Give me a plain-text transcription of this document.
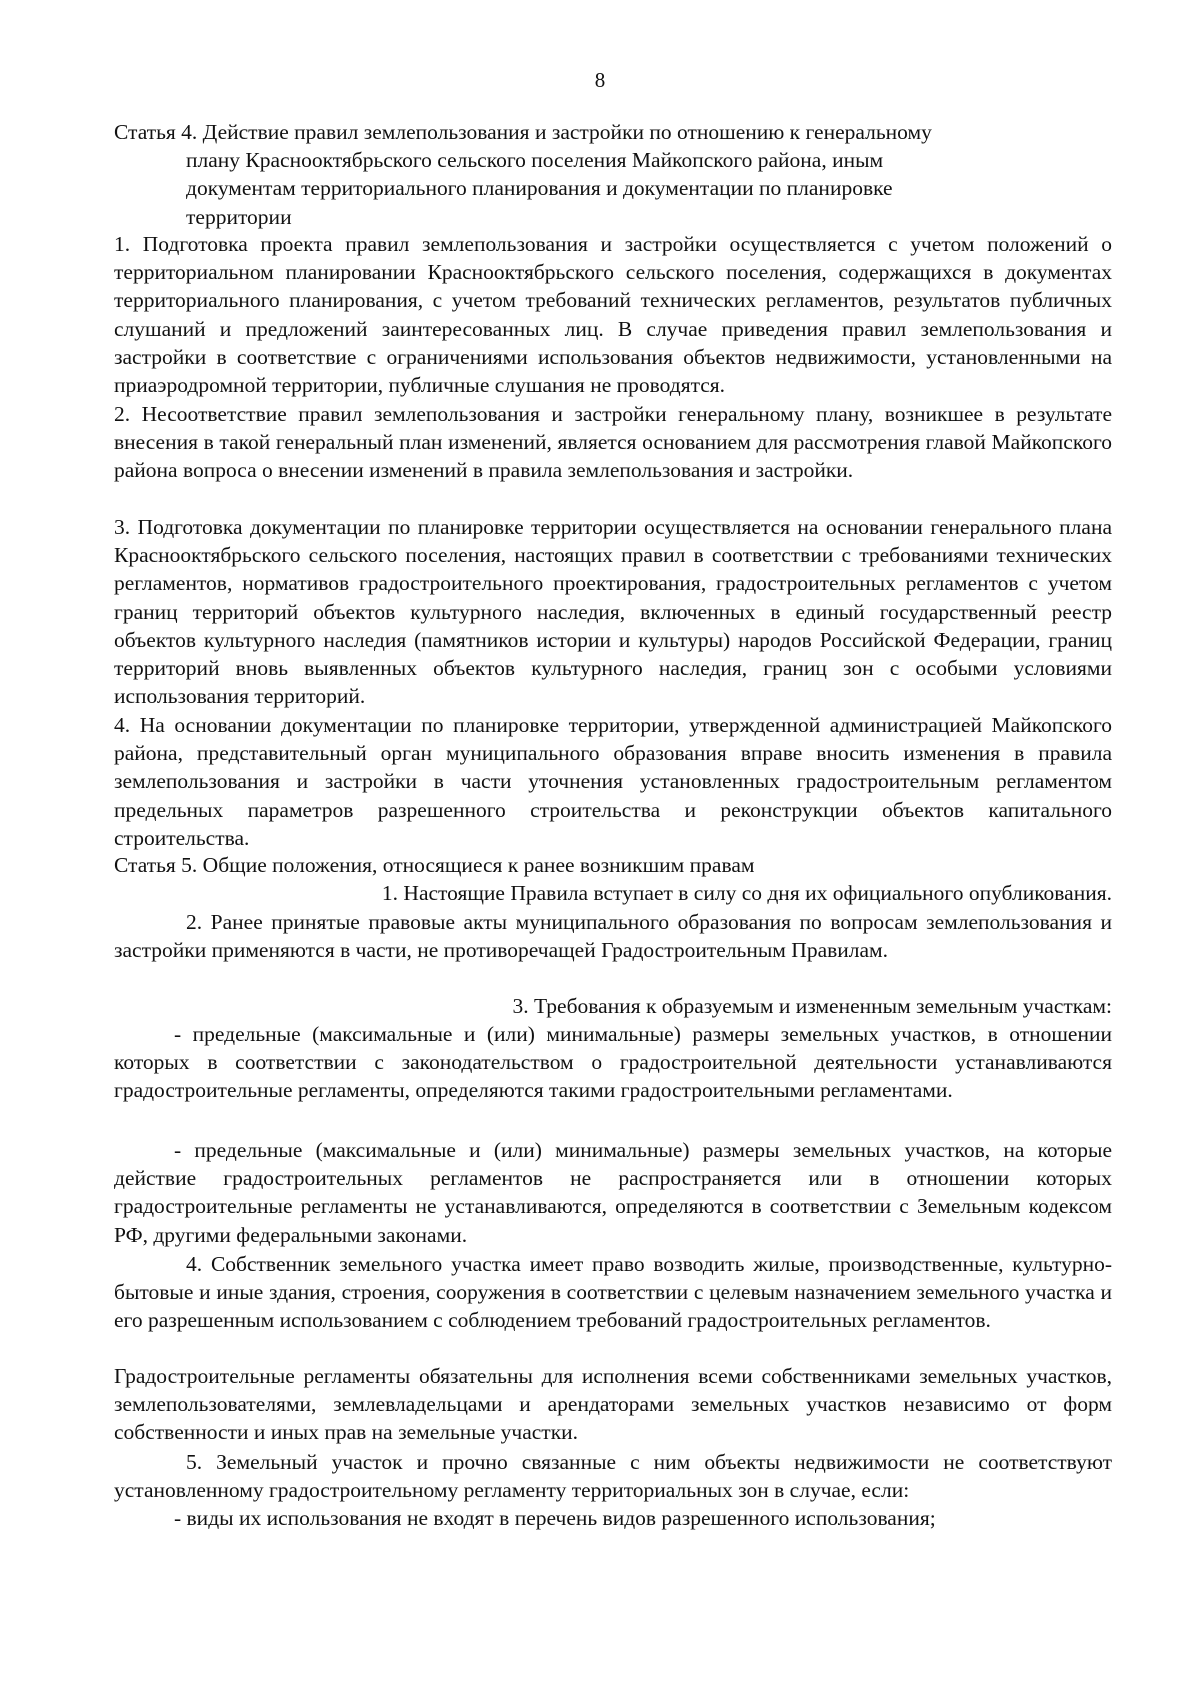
8
Статья 4. Действие правил землепользования и застройки по отношению к генеральному
плану Краснооктябрьского сельского поселения Майкопского района, иным
документам территориального планирования и документации по планировке
территории

1. Подготовка проекта правил землепользования и застройки осуществляется с учетом положений о территориальном планировании Краснооктябрьского сельского поселения, содержащихся в документах территориального планирования, с учетом требований технических регламентов, результатов публичных слушаний и предложений заинтересованных лиц. В случае приведения правил землепользования и застройки в соответствие с ограничениями использования объектов недвижимости, установленными на приаэродромной территории, публичные слушания не проводятся.

2. Несоответствие правил землепользования и застройки генеральному плану, возникшее в результате внесения в такой генеральный план изменений, является основанием для рассмотрения главой Майкопского района вопроса о внесении изменений в правила землепользования и застройки.

3. Подготовка документации по планировке территории осуществляется на основании генерального плана Краснооктябрьского сельского поселения, настоящих правил в соответствии с требованиями технических регламентов, нормативов градостроительного проектирования, градостроительных регламентов с учетом границ территорий объектов культурного наследия, включенных в единый государственный реестр объектов культурного наследия (памятников истории и культуры) народов Российской Федерации, границ территорий вновь выявленных объектов культурного наследия, границ зон с особыми условиями использования территорий.

4. На основании документации по планировке территории, утвержденной администрацией Майкопского района, представительный орган муниципального образования вправе вносить изменения в правила землепользования и застройки в части уточнения установленных градостроительным регламентом предельных параметров разрешенного строительства и реконструкции объектов капитального строительства.

Статья 5. Общие положения, относящиеся к ранее возникшим правам

1. Настоящие Правила вступает в силу со дня их официального опубликования.

2. Ранее принятые правовые акты муниципального образования по вопросам землепользования и застройки применяются в части, не противоречащей Градостроительным Правилам.

3. Требования к образуемым и измененным земельным участкам:

- предельные (максимальные и (или) минимальные) размеры земельных участков, в отношении которых в соответствии с законодательством о градостроительной деятельности устанавливаются градостроительные регламенты, определяются такими градостроительными регламентами.

- предельные (максимальные и (или) минимальные) размеры земельных участков, на которые действие градостроительных регламентов не распространяется или в отношении которых градостроительные регламенты не устанавливаются, определяются в соответствии с Земельным кодексом РФ, другими федеральными законами.

4. Собственник земельного участка имеет право возводить жилые, производственные, культурно-бытовые и иные здания, строения, сооружения в соответствии с целевым назначением земельного участка и его разрешенным использованием с соблюдением требований градостроительных регламентов.

Градостроительные регламенты обязательны для исполнения всеми собственниками земельных участков, землепользователями, землевладельцами и арендаторами земельных участков независимо от форм собственности и иных прав на земельные участки.

5. Земельный участок и прочно связанные с ним объекты недвижимости не соответствуют установленному градостроительному регламенту территориальных зон в случае, если:

- виды их использования не входят в перечень видов разрешенного использования;
